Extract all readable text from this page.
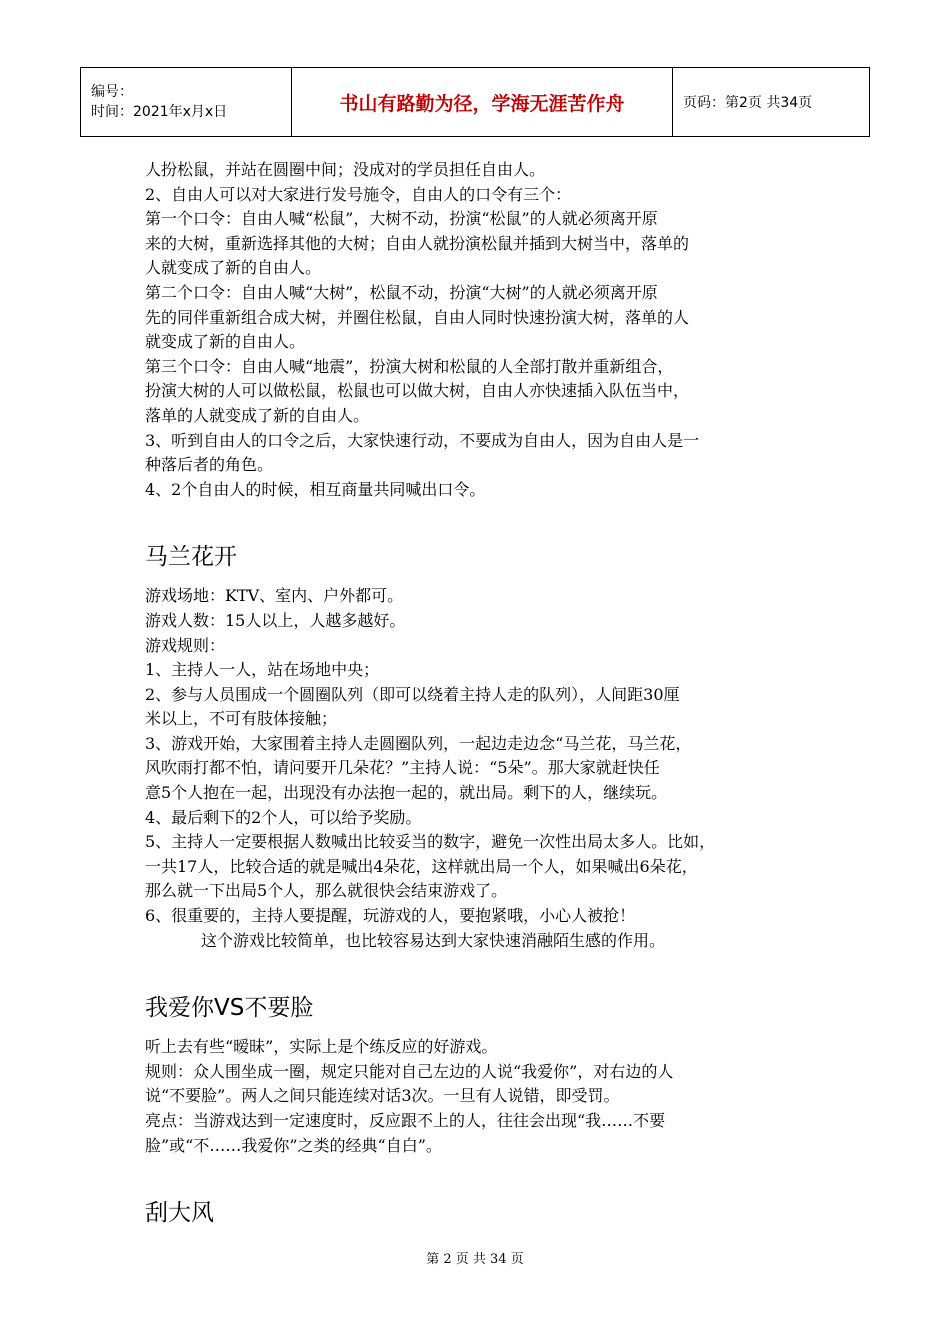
编号：
时间：2021年x月x日	书山有路勤为径，学海无涯苦作舟	页码：第2页 共34页

人扮松鼠，并站在圆圈中间；没成对的学员担任自由人。

2、自由人可以对大家进行发号施令，自由人的口令有三个：

第一个口令：自由人喊“松鼠”，大树不动，扮演“松鼠”的人就必须离开原

来的大树，重新选择其他的大树；自由人就扮演松鼠并插到大树当中，落单的

人就变成了新的自由人。

第二个口令：自由人喊“大树”，松鼠不动，扮演“大树”的人就必须离开原

先的同伴重新组合成大树，并圈住松鼠，自由人同时快速扮演大树，落单的人

就变成了新的自由人。

第三个口令：自由人喊“地震”，扮演大树和松鼠的人全部打散并重新组合，

扮演大树的人可以做松鼠，松鼠也可以做大树，自由人亦快速插入队伍当中，

落单的人就变成了新的自由人。

3、听到自由人的口令之后，大家快速行动，不要成为自由人，因为自由人是一

种落后者的角色。

4、2个自由人的时候，相互商量共同喊出口令。

马兰花开

游戏场地：KTV、室内、户外都可。

游戏人数：15人以上，人越多越好。

游戏规则：

1、主持人一人，站在场地中央；

2、参与人员围成一个圆圈队列（即可以绕着主持人走的队列），人间距30厘

米以上，不可有肢体接触；

3、游戏开始，大家围着主持人走圆圈队列，一起边走边念“马兰花，马兰花，

风吹雨打都不怕，请问要开几朵花？”主持人说：“5朵”。那大家就赶快任

意5个人抱在一起，出现没有办法抱一起的，就出局。剩下的人，继续玩。

4、最后剩下的2个人，可以给予奖励。

5、主持人一定要根据人数喊出比较妥当的数字，避免一次性出局太多人。比如，

一共17人，比较合适的就是喊出4朵花，这样就出局一个人，如果喊出6朵花，

那么就一下出局5个人，那么就很快会结束游戏了。

6、很重要的，主持人要提醒，玩游戏的人，要抱紧哦，小心人被抢！

这个游戏比较简单，也比较容易达到大家快速消融陌生感的作用。

我爱你VS不要脸

听上去有些“暧昧”，实际上是个练反应的好游戏。

规则：众人围坐成一圈，规定只能对自己左边的人说“我爱你”，对右边的人

说“不要脸”。两人之间只能连续对话3次。一旦有人说错，即受罚。

亮点：当游戏达到一定速度时，反应跟不上的人，往往会出现“我……不要

脸”或“不……我爱你”之类的经典“自白”。

刮大风
第 2 页 共 34 页
